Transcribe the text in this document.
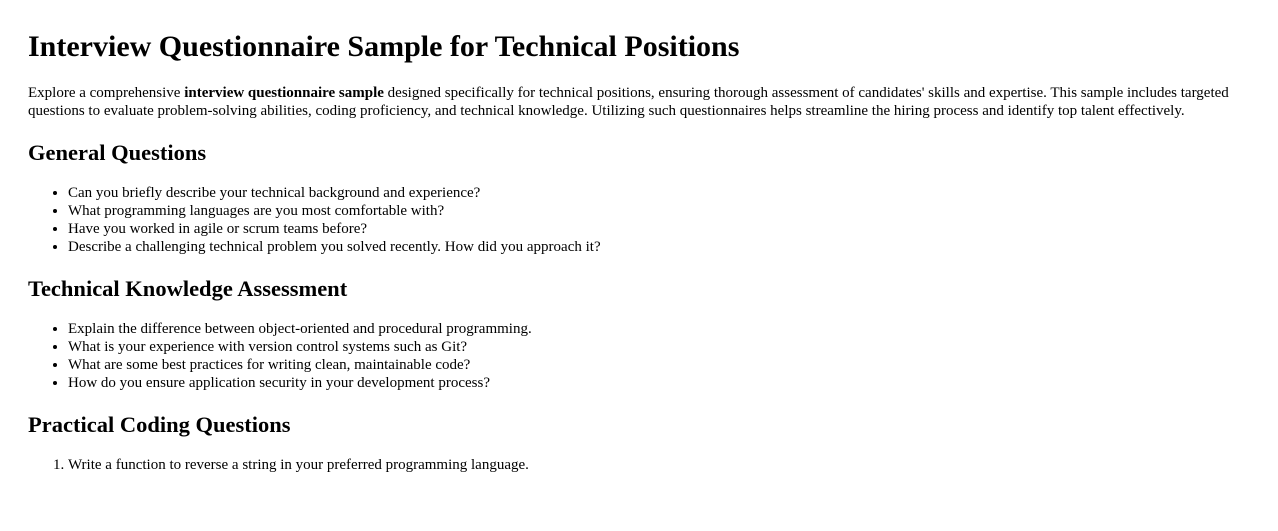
Interview Questionnaire Sample for Technical Positions

Explore a comprehensive interview questionnaire sample designed specifically for technical positions, ensuring thorough assessment of candidates' skills and expertise. This sample includes targeted questions to evaluate problem-solving abilities, coding proficiency, and technical knowledge. Utilizing such questionnaires helps streamline the hiring process and identify top talent effectively.

General Questions
• Can you briefly describe your technical background and experience?
• What programming languages are you most comfortable with?
• Have you worked in agile or scrum teams before?
• Describe a challenging technical problem you solved recently. How did you approach it?
Technical Knowledge Assessment
• Explain the difference between object-oriented and procedural programming.
• What is your experience with version control systems such as Git?
• What are some best practices for writing clean, maintainable code?
• How do you ensure application security in your development process?
Practical Coding Questions
1. Write a function to reverse a string in your preferred programming language.
